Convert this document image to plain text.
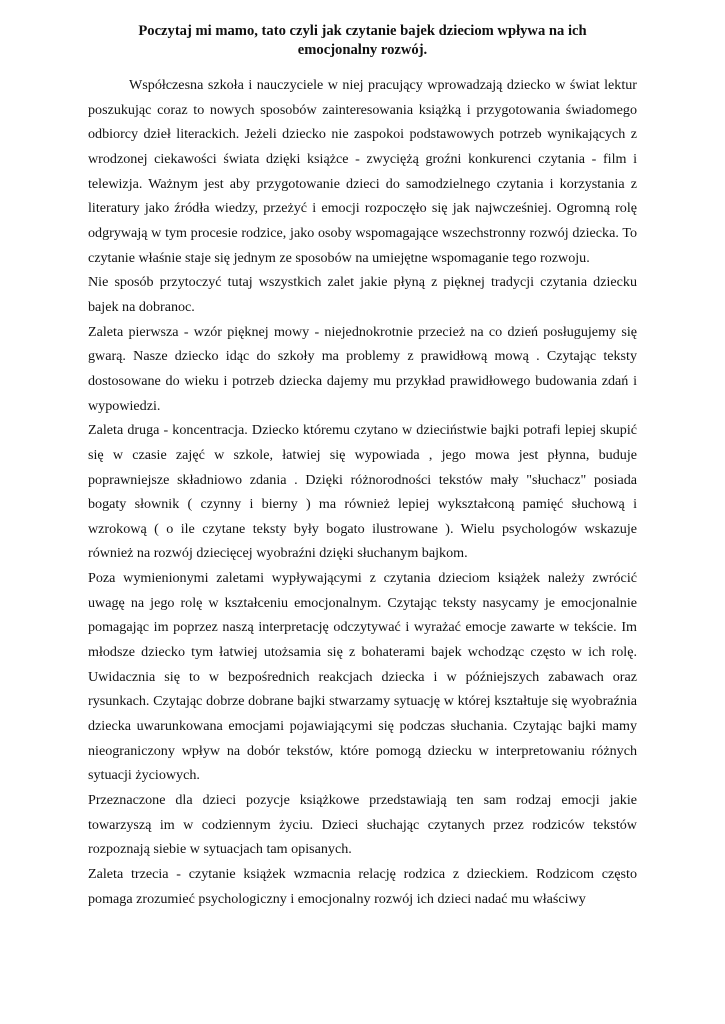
Poczytaj mi mamo, tato czyli jak czytanie bajek dzieciom wpływa na ich emocjonalny rozwój.

Współczesna szkoła i nauczyciele w niej pracujący wprowadzają dziecko w świat lektur poszukując coraz to nowych sposobów zainteresowania książką i przygotowania świadomego odbiorcy dzieł literackich. Jeżeli dziecko nie zaspokoi podstawowych potrzeb wynikających z wrodzonej ciekawości świata dzięki książce - zwyciężą groźni konkurenci czytania - film i telewizja. Ważnym jest aby przygotowanie dzieci do samodzielnego czytania i korzystania z literatury jako źródła wiedzy, przeżyć i emocji rozpoczęło się jak najwcześniej. Ogromną rolę odgrywają w tym procesie rodzice, jako osoby wspomagające wszechstronny rozwój dziecka. To czytanie właśnie staje się jednym ze sposobów na umiejętne wspomaganie tego rozwoju.

Nie sposób przytoczyć tutaj wszystkich zalet jakie płyną z pięknej tradycji czytania dziecku bajek na dobranoc.

Zaleta pierwsza - wzór pięknej mowy - niejednokrotnie przecież na co dzień posługujemy się gwarą. Nasze dziecko idąc do szkoły ma problemy z prawidłową mową . Czytając teksty dostosowane do wieku i potrzeb dziecka dajemy mu przykład prawidłowego budowania zdań i wypowiedzi.

Zaleta druga - koncentracja. Dziecko któremu czytano w dzieciństwie bajki potrafi lepiej skupić się w czasie zajęć w szkole, łatwiej się wypowiada , jego mowa jest płynna, buduje poprawniejsze składniowo zdania . Dzięki różnorodności tekstów mały "słuchacz" posiada bogaty słownik ( czynny i bierny ) ma również lepiej wykształconą pamięć słuchową i wzrokową ( o ile czytane teksty były bogato ilustrowane ). Wielu psychologów wskazuje również na rozwój dziecięcej wyobraźni dzięki słuchanym bajkom.

Poza wymienionymi zaletami wypływającymi z czytania dzieciom książek należy zwrócić uwagę na jego rolę w kształceniu emocjonalnym. Czytając teksty nasycamy je emocjonalnie pomagając im poprzez naszą interpretację odczytywać i wyrażać emocje zawarte w tekście. Im młodsze dziecko tym łatwiej utożsamia się z bohaterami bajek wchodząc często w ich rolę. Uwidacznia się to w bezpośrednich reakcjach dziecka i w późniejszych zabawach oraz rysunkach. Czytając dobrze dobrane bajki stwarzamy sytuację w której kształtuje się wyobraźnia dziecka uwarunkowana emocjami pojawiającymi się podczas słuchania. Czytając bajki mamy nieograniczony wpływ na dobór tekstów, które pomogą dziecku w interpretowaniu różnych sytuacji życiowych.

Przeznaczone dla dzieci pozycje książkowe przedstawiają ten sam rodzaj emocji jakie towarzyszą im w codziennym życiu. Dzieci słuchając czytanych przez rodziców tekstów rozpoznają siebie w sytuacjach tam opisanych.

Zaleta trzecia - czytanie książek wzmacnia relację rodzica z dzieckiem. Rodzicom często pomaga zrozumieć psychologiczny i emocjonalny rozwój ich dzieci nadać mu właściwy
